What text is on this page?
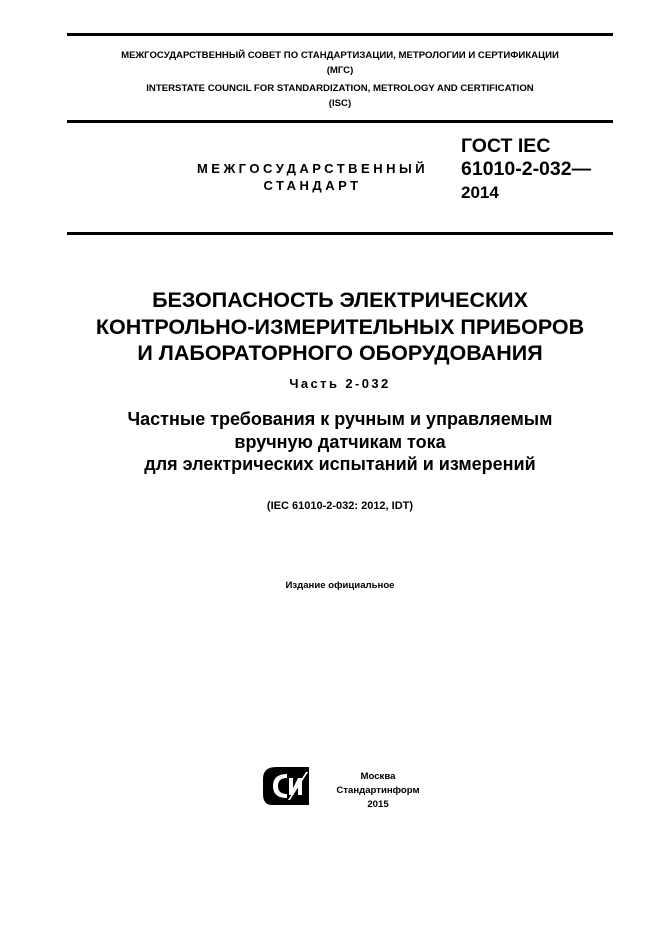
МЕЖГОСУДАРСТВЕННЫЙ СОВЕТ ПО СТАНДАРТИЗАЦИИ, МЕТРОЛОГИИ И СЕРТИФИКАЦИИ
(МГС)
INTERSTATE COUNCIL FOR STANDARDIZATION, METROLOGY AND CERTIFICATION
(ISC)
МЕЖГОСУДАРСТВЕННЫЙ
СТАНДАРТ
ГОСТ IEC
61010-2-032—
2014
БЕЗОПАСНОСТЬ ЭЛЕКТРИЧЕСКИХ
КОНТРОЛЬНО-ИЗМЕРИТЕЛЬНЫХ ПРИБОРОВ
И ЛАБОРАТОРНОГО ОБОРУДОВАНИЯ
Часть 2-032
Частные требования к ручным и управляемым
вручную датчикам тока
для электрических испытаний и измерений
(IEC 61010-2-032: 2012, IDT)
Издание официальное
Москва
Стандартинформ
2015
